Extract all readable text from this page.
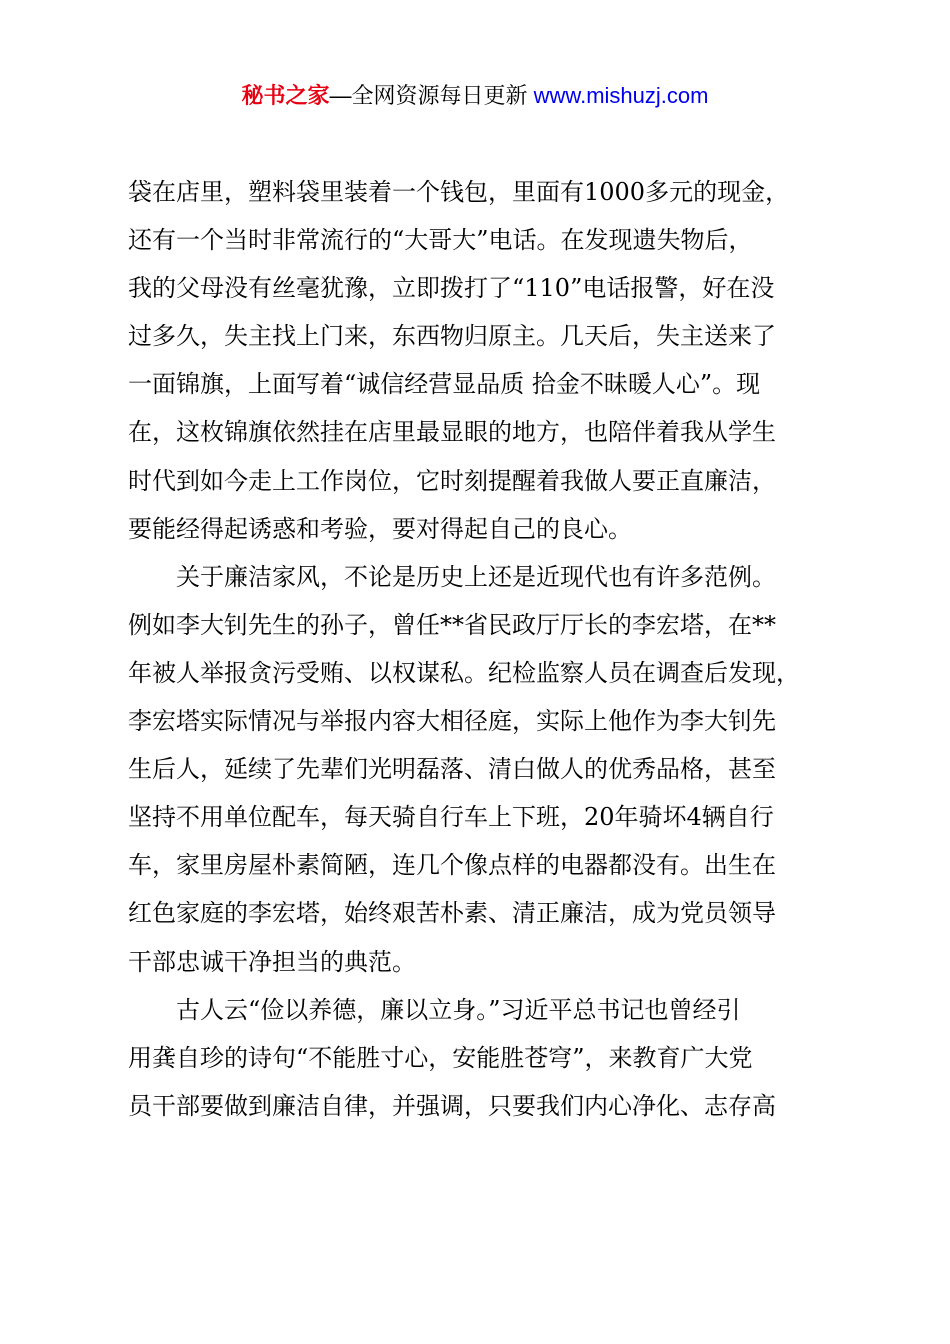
秘书之家—全网资源每日更新 www.mishuzj.com

袋在店里，塑料袋里装着一个钱包，里面有1000多元的现金，
还有一个当时非常流行的“大哥大”电话。在发现遗失物后，
我的父母没有丝毫犹豫，立即拨打了“110”电话报警，好在没
过多久，失主找上门来，东西物归原主。几天后，失主送来了
一面锦旗，上面写着“诚信经营显品质 拾金不昧暖人心”。现
在，这枚锦旗依然挂在店里最显眼的地方，也陪伴着我从学生
时代到如今走上工作岗位，它时刻提醒着我做人要正直廉洁，
要能经得起诱惑和考验，要对得起自己的良心。

关于廉洁家风，不论是历史上还是近现代也有许多范例。
例如李大钊先生的孙子，曾任**省民政厅厅长的李宏塔，在**
年被人举报贪污受贿、以权谋私。纪检监察人员在调查后发现，
李宏塔实际情况与举报内容大相径庭，实际上他作为李大钊先
生后人，延续了先辈们光明磊落、清白做人的优秀品格，甚至
坚持不用单位配车，每天骑自行车上下班，20年骑坏4辆自行
车，家里房屋朴素简陋，连几个像点样的电器都没有。出生在
红色家庭的李宏塔，始终艰苦朴素、清正廉洁，成为党员领导
干部忠诚干净担当的典范。

古人云“俭以养德，廉以立身。”习近平总书记也曾经引
用龚自珍的诗句“不能胜寸心，安能胜苍穹”，来教育广大党
员干部要做到廉洁自律，并强调，只要我们内心净化、志存高
